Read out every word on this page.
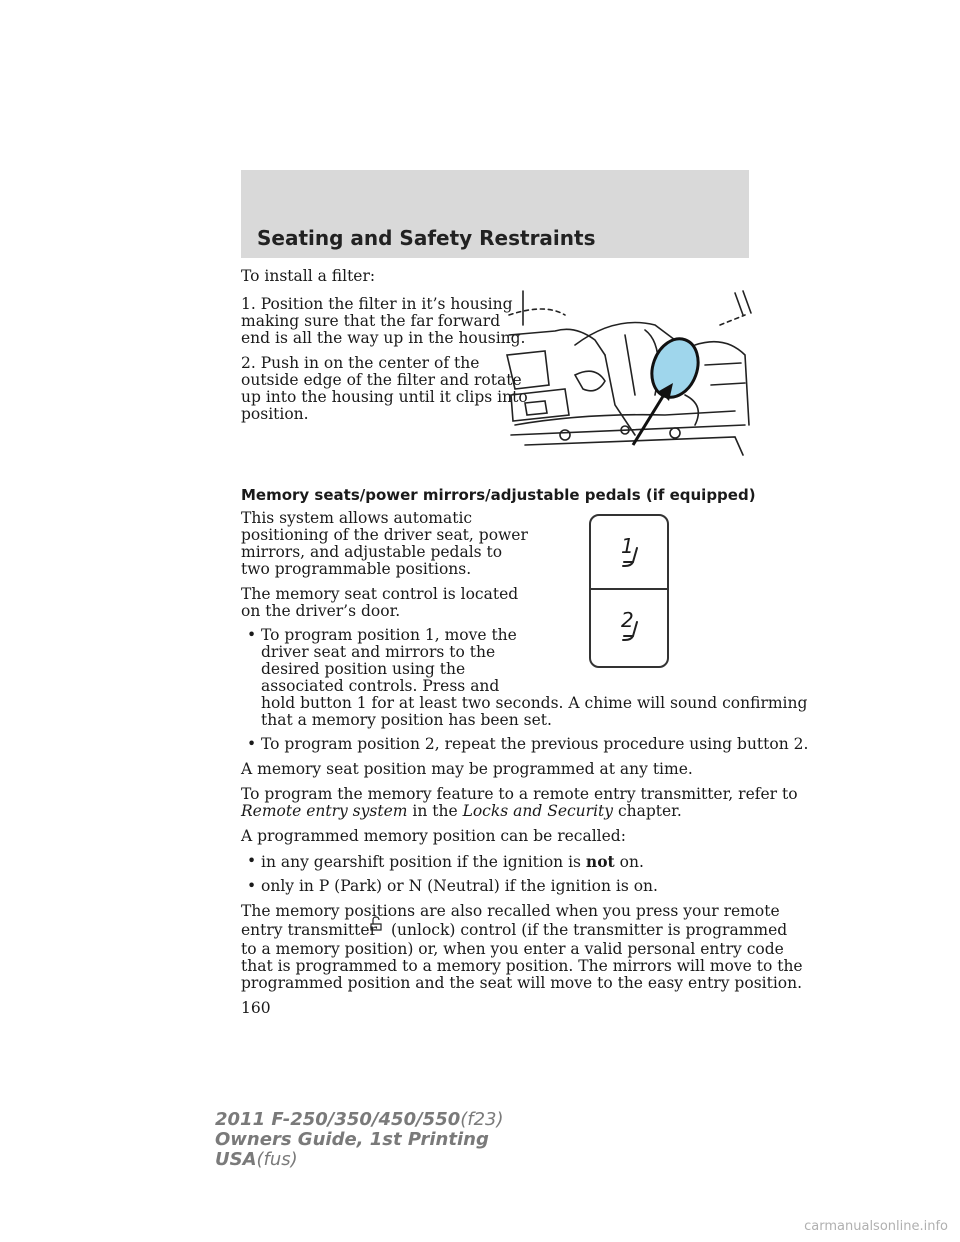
Seating and Safety Restraints

To install a filter:

1. Position the filter in it’s housing

making sure that the far forward

end is all the way up in the housing.

2. Push in on the center of the

outside edge of the filter and rotate

up into the housing until it clips into

position.

Memory seats/power mirrors/adjustable pedals (if equipped)

This system allows automatic

positioning of the driver seat, power

mirrors, and adjustable pedals to

two programmable positions.

The memory seat control is located

on the driver’s door.

• To program position 1, move the

driver seat and mirrors to the

desired position using the

associated controls. Press and

hold button 1 for at least two seconds. A chime will sound confirming

that a memory position has been set.

• To program position 2, repeat the previous procedure using button 2.

A memory seat position may be programmed at any time.

To program the memory feature to a remote entry transmitter, refer to

Remote entry system in the Locks and Security chapter.

A programmed memory position can be recalled:

• in any gearshift position if the ignition is not on.

• only in P (Park) or N (Neutral) if the ignition is on.

The memory positions are also recalled when you press your remote

entry transmitter (unlock) control (if the transmitter is programmed

to a memory position) or, when you enter a valid personal entry code

that is programmed to a memory position. The mirrors will move to the

programmed position and the seat will move to the easy entry position.

160

1
2
2011 F-250/350/450/550(f23)
Owners Guide, 1st Printing
USA(fus)
carmanualsonline.info
